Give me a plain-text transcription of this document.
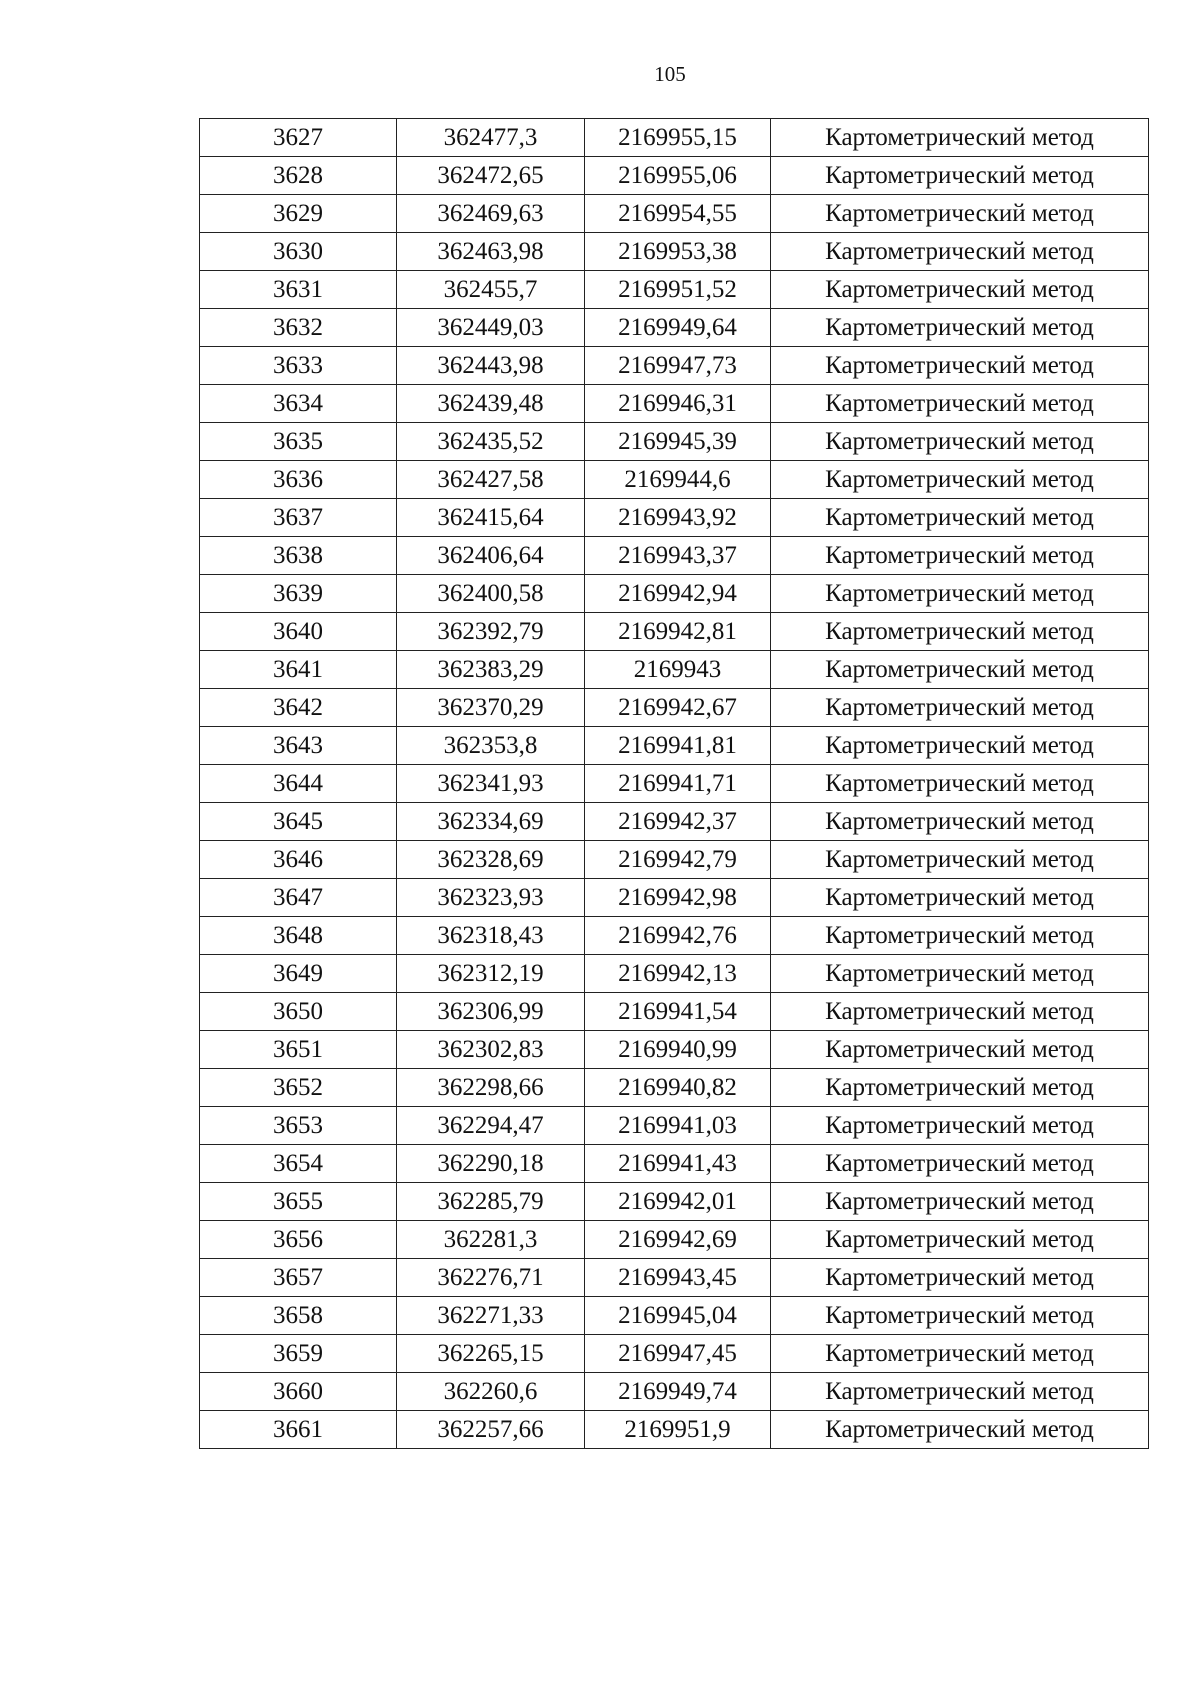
105
3627	362477,3	2169955,15	Картометрический метод
3628	362472,65	2169955,06	Картометрический метод
3629	362469,63	2169954,55	Картометрический метод
3630	362463,98	2169953,38	Картометрический метод
3631	362455,7	2169951,52	Картометрический метод
3632	362449,03	2169949,64	Картометрический метод
3633	362443,98	2169947,73	Картометрический метод
3634	362439,48	2169946,31	Картометрический метод
3635	362435,52	2169945,39	Картометрический метод
3636	362427,58	2169944,6	Картометрический метод
3637	362415,64	2169943,92	Картометрический метод
3638	362406,64	2169943,37	Картометрический метод
3639	362400,58	2169942,94	Картометрический метод
3640	362392,79	2169942,81	Картометрический метод
3641	362383,29	2169943	Картометрический метод
3642	362370,29	2169942,67	Картометрический метод
3643	362353,8	2169941,81	Картометрический метод
3644	362341,93	2169941,71	Картометрический метод
3645	362334,69	2169942,37	Картометрический метод
3646	362328,69	2169942,79	Картометрический метод
3647	362323,93	2169942,98	Картометрический метод
3648	362318,43	2169942,76	Картометрический метод
3649	362312,19	2169942,13	Картометрический метод
3650	362306,99	2169941,54	Картометрический метод
3651	362302,83	2169940,99	Картометрический метод
3652	362298,66	2169940,82	Картометрический метод
3653	362294,47	2169941,03	Картометрический метод
3654	362290,18	2169941,43	Картометрический метод
3655	362285,79	2169942,01	Картометрический метод
3656	362281,3	2169942,69	Картометрический метод
3657	362276,71	2169943,45	Картометрический метод
3658	362271,33	2169945,04	Картометрический метод
3659	362265,15	2169947,45	Картометрический метод
3660	362260,6	2169949,74	Картометрический метод
3661	362257,66	2169951,9	Картометрический метод
